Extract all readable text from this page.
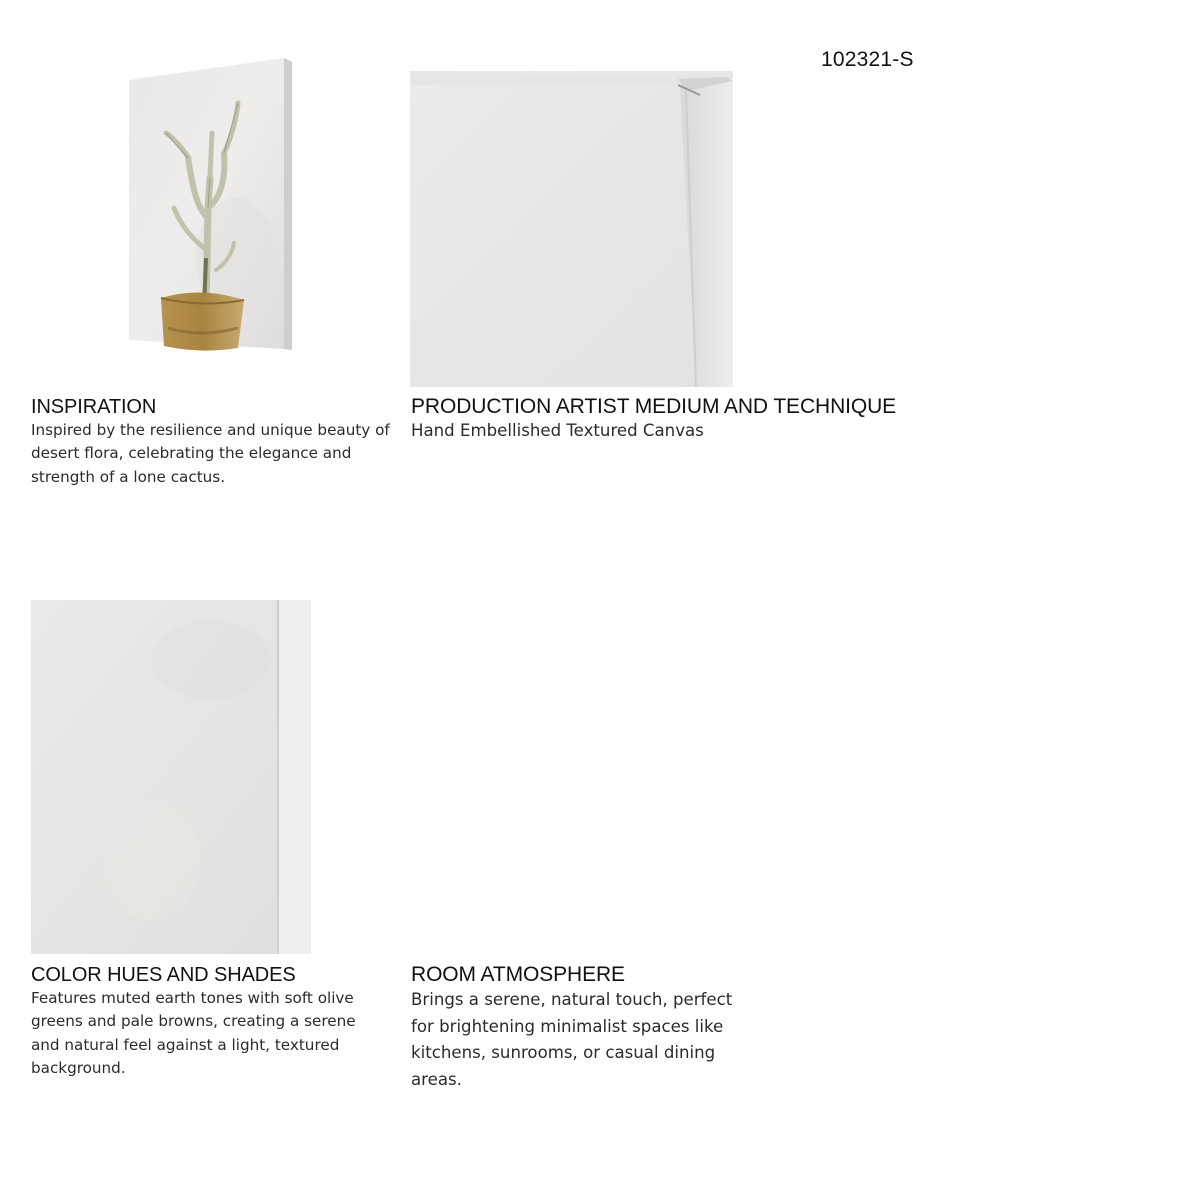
102321-S
INSPIRATION

Inspired by the resilience and unique beauty of desert flora, celebrating the elegance and strength of a lone cactus.

PRODUCTION ARTIST MEDIUM AND TECHNIQUE

Hand Embellished Textured Canvas

COLOR HUES AND SHADES

Features muted earth tones with soft olive greens and pale browns, creating a serene and natural feel against a light, textured background.

ROOM ATMOSPHERE

Brings a serene, natural touch, perfect for brightening minimalist spaces like kitchens, sunrooms, or casual dining areas.
